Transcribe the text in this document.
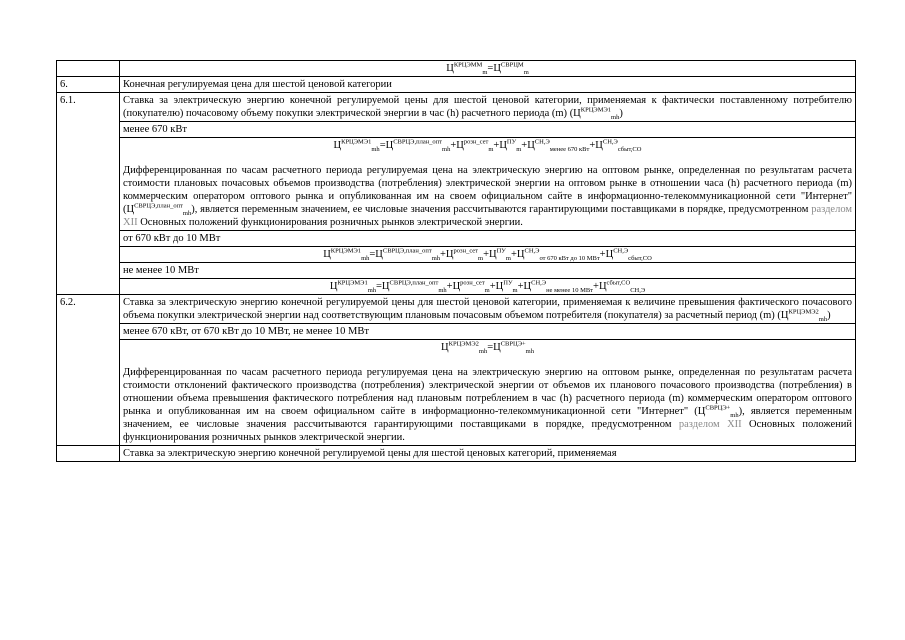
	$Ц^{КРЦЭММ}_m=Ц^{СВРЦМ}_m$
6.	Конечная регулируемая цена для шестой ценовой категории
6.1.	Ставка за электрическую энергию конечной регулируемой цены для шестой ценовой категории, применяемая к фактически поставленному потребителю (покупателю) почасовому объему покупки электрической энергии в час (h) расчетного периода (m) $(Ц^{КРЦЭМЭ1}_{mh})$
	менее 670 кВт

	$Ц^{КРЦЭМЭ1}_{mh}=Ц^{СВРЦЭ,план\_опт}_{mh}+Ц^{розн\_сет}_m+Ц^{ПУ}_m+Ц^{СН,Э}_{менее 670 кВт}+Ц^{СН,Э}_{сбыт,СО}$
Дифференцированная по часам расчетного периода регулируемая цена на электрическую энергию на оптовом рынке, определенная по результатам расчета стоимости плановых почасовых объемов производства (потребления) электрической энергии на оптовом рынке в отношении часа (h) расчетного периода (m) коммерческим оператором оптового рынка и опубликованная им на своем официальном сайте в информационно-телекоммуникационной сети "Интернет" $(Ц^{СВРЦЭ,план\_опт}_{mh})$, является переменным значением, ее числовые значения рассчитываются гарантирующими поставщиками в порядке, предусмотренном разделом XII Основных положений функционирования розничных рынков электрической энергии.

	от 670 кВт до 10 МВт
	$Ц^{КРЦЭМЭ1}_{mh}=Ц^{СВРЦЭ,план\_опт}_{mh}+Ц^{розн\_сет}_m+Ц^{ПУ}_m+Ц^{СН,Э}_{от 670 кВт до 10 МВт}+Ц^{СН,Э}_{сбыт,СО}$
	не менее 10 МВт
	$Ц^{КРЦЭМЭ1}_{mh}=Ц^{СВРЦЭ,план\_опт}_{mh}+Ц^{розн\_сет}_m+Ц^{ПУ}_m+Ц^{СН,Э}_{не менее 10 МВт}+Ц^{сбыт,СО}_{СН,Э}$
6.2.	Ставка за электрическую энергию конечной регулируемой цены для шестой ценовой категории, применяемая к величине превышения фактического почасового объема покупки электрической энергии над соответствующим плановым почасовым объемом потребителя (покупателя) за расчетный период (m) $(Ц^{КРЦЭМЭ2}_{mh})$
	менее 670 кВт, от 670 кВт до 10 МВт, не менее 10 МВт

	$Ц^{КРЦЭМЭ2}_{mh}=Ц^{СВРЦЭ+}_{mh}$
Дифференцированная по часам расчетного периода регулируемая цена на электрическую энергию на оптовом рынке, определенная по результатам расчета стоимости отклонений фактического производства (потребления) электрической энергии от объемов их планового почасового производства (потребления) в отношении объема превышения фактического потребления над плановым потреблением в час (h) расчетного периода (m) коммерческим оператором оптового рынка и опубликованная им на своем официальном сайте в информационно-телекоммуникационной сети "Интернет" $(Ц^{СВРЦЭ+}_{mh})$, является переменным значением, ее числовые значения рассчитываются гарантирующими поставщиками в порядке, предусмотренном разделом XII Основных положений функционирования розничных рынков электрической энергии.

	Ставка за электрическую энергию конечной регулируемой цены для шестой ценовых категорий, применяемая
